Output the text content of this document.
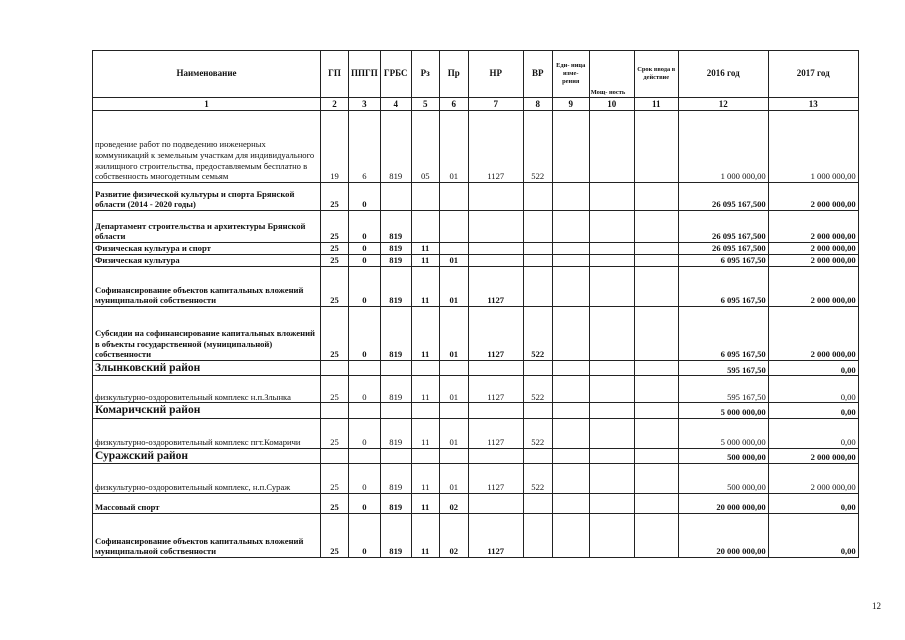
Наименование	ГП	ППГП	ГРБС	Рз	Пр	НР	ВР	Еди- ница изме- рения	Мощ- ность	Срок ввода в действие	2016 год	2017 год
1	2	3	4	5	6	7	8	9	10	11	12	13
проведение работ по подведению инженерных коммуникаций к земельным участкам для индивидуального жилищного строительства, предоставляемым бесплатно в собственность многодетным семьям	19	6	819	05	01	1127	522				1 000 000,00	1 000 000,00
Развитие физической культуры и спорта Брянской области (2014 - 2020 годы)	25	0									26 095 167,500	2 000 000,00
Департамент строительства и архитектуры Брянской области	25	0	819								26 095 167,500	2 000 000,00
Физическая культура и спорт	25	0	819	11							26 095 167,500	2 000 000,00
Физическая культура	25	0	819	11	01						6 095 167,50	2 000 000,00
Софинансирование объектов капитальных вложений муниципальной собственности	25	0	819	11	01	1127					6 095 167,50	2 000 000,00
Субсидии на софинансирование капитальных вложений в объекты государственной (муниципальной) собственности	25	0	819	11	01	1127	522				6 095 167,50	2 000 000,00
Злынковский район											595 167,50	0,00
физкультурно-оздоровительный комплекс н.п.Злынка	25	0	819	11	01	1127	522				595 167,50	0,00
Комаричский район											5 000 000,00	0,00
физкультурно-оздоровительный комплекс пгт.Комаричи	25	0	819	11	01	1127	522				5 000 000,00	0,00
Суражский район											500 000,00	2 000 000,00
физкультурно-оздоровительный комплекс, н.п.Сураж	25	0	819	11	01	1127	522				500 000,00	2 000 000,00
Массовый спорт	25	0	819	11	02						20 000 000,00	0,00
Софинансирование объектов капитальных вложений муниципальной собственности	25	0	819	11	02	1127					20 000 000,00	0,00
12
